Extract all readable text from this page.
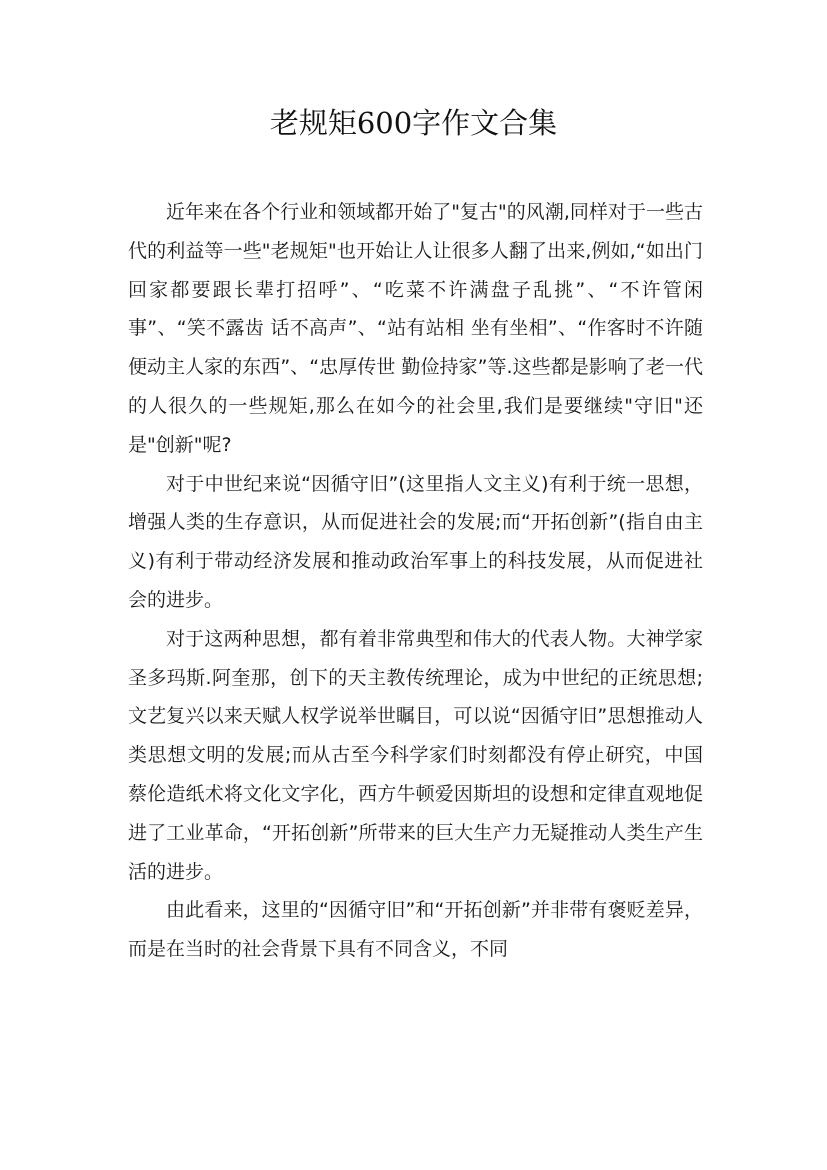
老规矩600字作文合集

近年来在各个行业和领域都开始了"复古"的风潮,同样对于一些古代的利益等一些"老规矩"也开始让人让很多人翻了出来,例如,“如出门回家都要跟长辈打招呼”、“吃菜不许满盘子乱挑”、“不许管闲事”、“笑不露齿 话不高声”、“站有站相 坐有坐相”、“作客时不许随便动主人家的东西”、“忠厚传世 勤俭持家”等.这些都是影响了老一代的人很久的一些规矩,那么在如今的社会里,我们是要继续"守旧"还是"创新"呢?

对于中世纪来说“因循守旧”(这里指人文主义)有利于统一思想，增强人类的生存意识，从而促进社会的发展;而“开拓创新”(指自由主义)有利于带动经济发展和推动政治军事上的科技发展，从而促进社会的进步。

对于这两种思想，都有着非常典型和伟大的代表人物。大神学家圣多玛斯.阿奎那，创下的天主教传统理论，成为中世纪的正统思想;文艺复兴以来天赋人权学说举世瞩目，可以说“因循守旧”思想推动人类思想文明的发展;而从古至今科学家们时刻都没有停止研究，中国蔡伦造纸术将文化文字化，西方牛顿爱因斯坦的设想和定律直观地促进了工业革命，“开拓创新”所带来的巨大生产力无疑推动人类生产生活的进步。

由此看来，这里的“因循守旧”和“开拓创新”并非带有褒贬差异，而是在当时的社会背景下具有不同含义，不同
